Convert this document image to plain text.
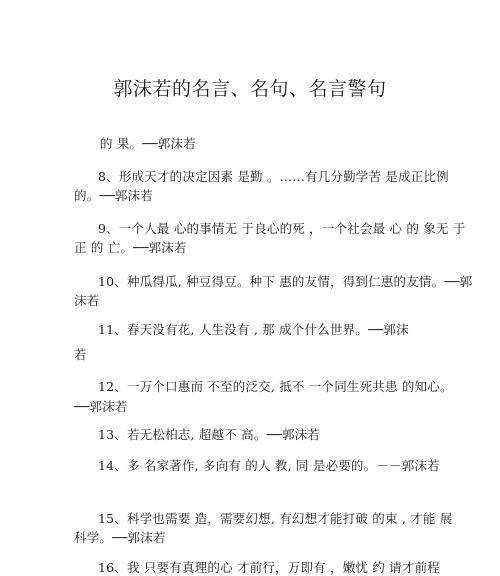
郭沫若的名言、名句、名言警句
的 果。──郭沫若
8、形成天才的决定因素 是勤 。……有几分勤学苦 是成正比例
的。──郭沫若
9、一个人最 心的事情无 于良心的死 ，一个社会最 心 的 象无 于
正 的 亡。──郭沫若
10、种瓜得瓜, 种豆得豆。种下 惠的友情，得到仁惠的友情。──郭
沫若
11、春天没有花, 人生没有 , 那 成个什么世界。──郭沫
若
12、一万个口惠而 不至的泛交, 抵不 一个同生死共患 的知心。
──郭沫若
13、若无松柏志, 超越不 高。──郭沫若
14、多 名家著作, 多向有 的人 教, 同 是必要的。－－郭沫若
15、科学也需要 造，需要幻想, 有幻想才能打破 的束 , 才能 展
科学。──郭沫若
16、我 只要有真理的心 才前行，万即有 ，嫩忧 约 请才前程
